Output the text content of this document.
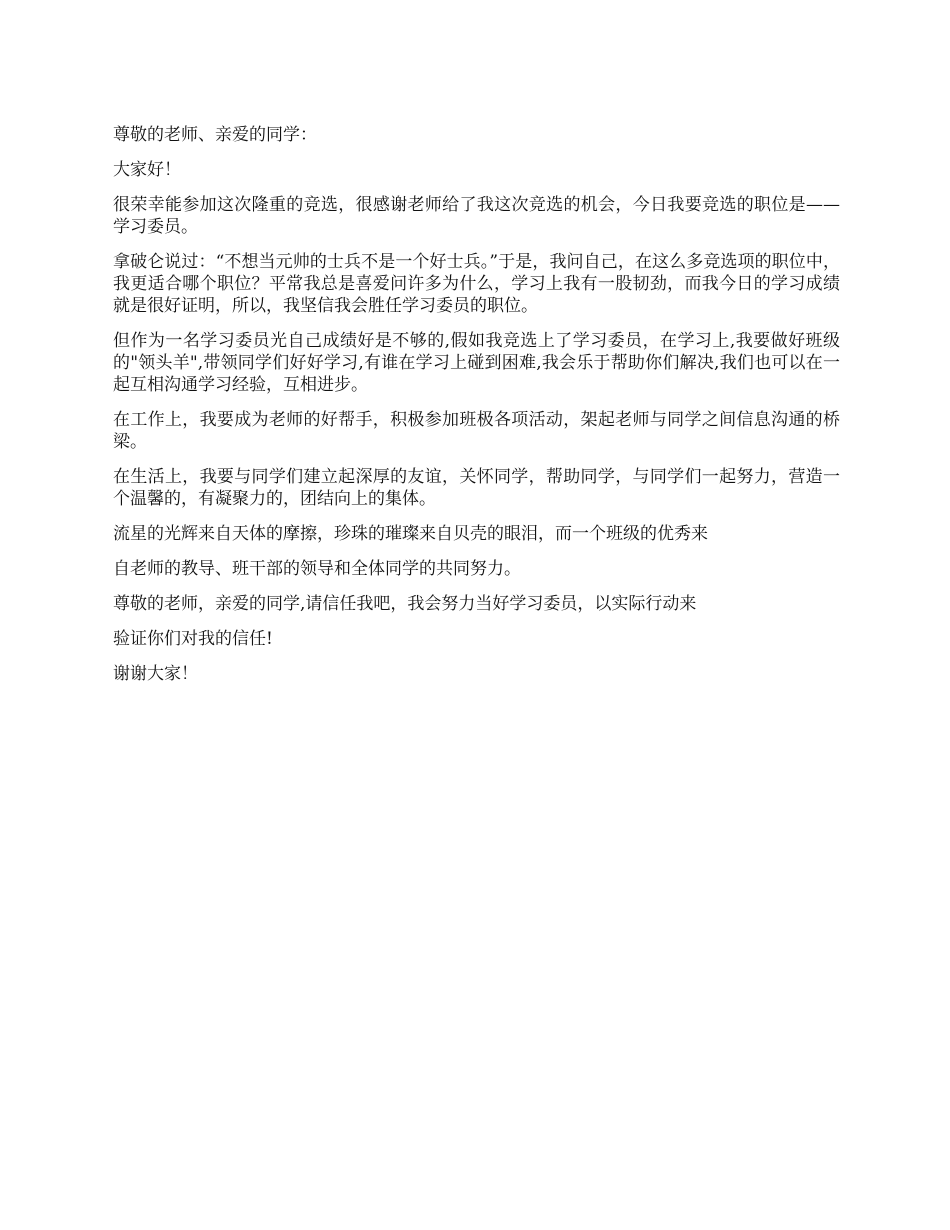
尊敬的老师、亲爱的同学：

大家好！

很荣幸能参加这次隆重的竞选，很感谢老师给了我这次竞选的机会，今日我要竞选的职位是——学习委员。

拿破仑说过：“不想当元帅的士兵不是一个好士兵。”于是，我问自己，在这么多竞选项的职位中，我更适合哪个职位？平常我总是喜爱问许多为什么，学习上我有一股韧劲，而我今日的学习成绩就是很好证明，所以，我坚信我会胜任学习委员的职位。

但作为一名学习委员光自己成绩好是不够的,假如我竞选上了学习委员，在学习上,我要做好班级的"领头羊",带领同学们好好学习,有谁在学习上碰到困难,我会乐于帮助你们解决,我们也可以在一起互相沟通学习经验，互相进步。

在工作上，我要成为老师的好帮手，积极参加班极各项活动，架起老师与同学之间信息沟通的桥梁。

在生活上，我要与同学们建立起深厚的友谊，关怀同学，帮助同学，与同学们一起努力，营造一个温馨的，有凝聚力的，团结向上的集体。

流星的光辉来自天体的摩擦，珍珠的璀璨来自贝壳的眼泪，而一个班级的优秀来

自老师的教导、班干部的领导和全体同学的共同努力。

尊敬的老师，亲爱的同学,请信任我吧，我会努力当好学习委员，以实际行动来

验证你们对我的信任!

谢谢大家！
